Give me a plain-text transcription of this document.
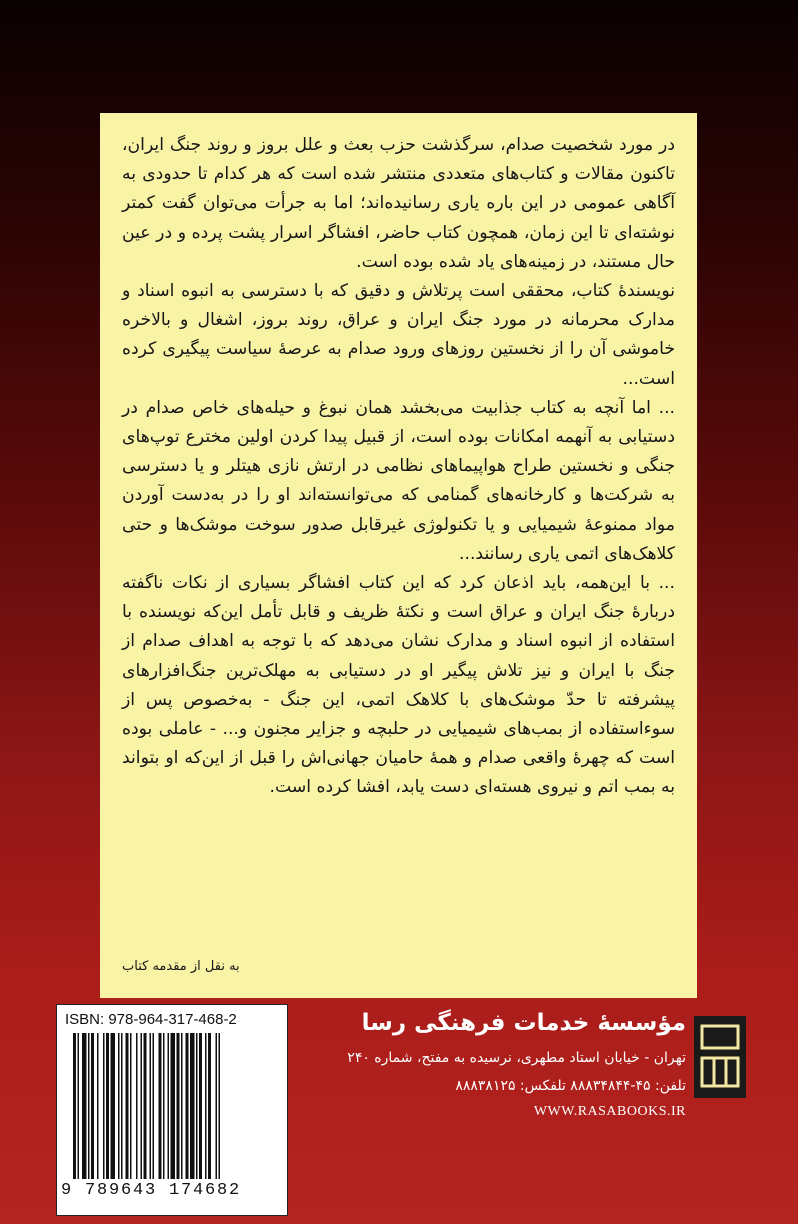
در مورد شخصیت صدام، سرگذشت حزب بعث و علل بروز و روند جنگ ایران، تاکنون مقالات و کتاب‌های متعددی منتشر شده است که هر کدام تا حدودی به آگاهی عمومی در این باره یاری رسانیده‌اند؛ اما به جرأت می‌توان گفت کمتر نوشته‌ای تا این زمان، همچون کتاب حاضر، افشاگر اسرار پشت پرده و در عین حال مستند، در زمینه‌های یاد شده بوده است.

نویسندهٔ کتاب، محققی است پرتلاش و دقیق که با دسترسی به انبوه اسناد و مدارک محرمانه در مورد جنگ ایران و عراق، روند بروز، اشغال و بالاخره خاموشی آن را از نخستین روزهای ورود صدام به عرصهٔ سیاست پیگیری کرده است...

... اما آنچه به کتاب جذابیت می‌بخشد همان نبوغ و حیله‌های خاص صدام در دستیابی به آنهمه امکانات بوده است، از قبیل پیدا کردن اولین مخترع توپ‌های جنگی و نخستین طراح هواپیماهای نظامی در ارتش نازی هیتلر و یا دسترسی به شرکت‌ها و کارخانه‌های گمنامی که می‌توانسته‌اند او را در به‌دست آوردن مواد ممنوعهٔ شیمیایی و یا تکنولوژی غیرقابل صدور سوخت موشک‌ها و حتی کلاهک‌های اتمی یاری رسانند...

... با این‌همه، باید اذعان کرد که این کتاب افشاگر بسیاری از نکات ناگفته دربارهٔ جنگ ایران و عراق است و نکتهٔ ظریف و قابل تأمل این‌که نویسنده با استفاده از انبوه اسناد و مدارک نشان می‌دهد که با توجه به اهداف صدام از جنگ با ایران و نیز تلاش پیگیر او در دستیابی به مهلک‌ترین جنگ‌افزارهای پیشرفته تا حدّ موشک‌های با کلاهک اتمی، این جنگ - به‌خصوص پس از سوءاستفاده از بمب‌های شیمیایی در حلبچه و جزایر مجنون و... - عاملی بوده است که چهرهٔ واقعی صدام و همهٔ حامیان جهانی‌اش را قبل از این‌که او بتواند به بمب اتم و نیروی هسته‌ای دست یابد، افشا کرده است.

به نقل از مقدمه کتاب
ISBN: 978-964-317-468-2
9 789643 174682
مؤسسهٔ خدمات فرهنگی رسا
تهران - خیابان استاد مطهری، نرسیده به مفتح، شماره ۲۴۰
تلفن: ۴۵-۸۸۸۳۴۸۴۴ تلفکس: ۸۸۸۳۸۱۲۵
WWW.RASABOOKS.IR
